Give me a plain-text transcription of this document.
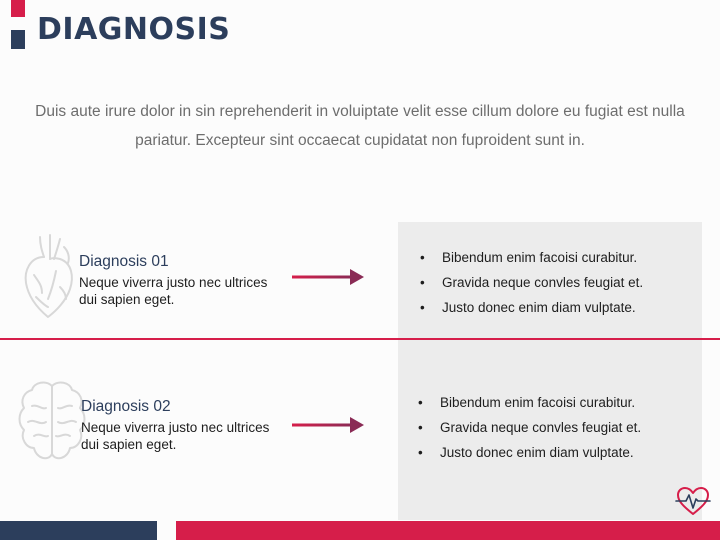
DIAGNOSIS

Duis aute irure dolor in sin reprehenderit in voluiptate velit esse cillum dolore eu fugiat est nulla pariatur. Excepteur sint occaecat cupidatat non fuproident sunt in.

Diagnosis 01

Neque viverra justo nec ultrices dui sapien eget.

• Bibendum enim facoisi curabitur.
• Gravida neque convles feugiat et.
• Justo donec enim diam vulptate.

Diagnosis 02

Neque viverra justo nec ultrices dui sapien eget.

• Bibendum enim facoisi curabitur.
• Gravida neque convles feugiat et.
• Justo donec enim diam vulptate.
